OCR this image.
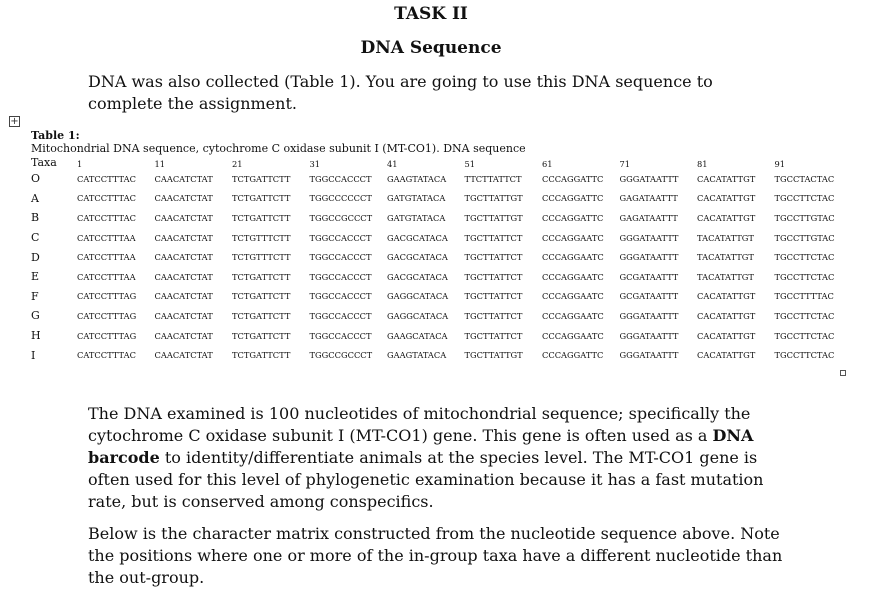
TASK II
DNA Sequence

DNA was also collected (Table 1). You are going to use this DNA sequence to complete the assignment.

+
Table 1:
Mitochondrial DNA sequence, cytochrome C oxidase subunit I (MT-CO1). DNA sequence
Taxa	1	11	21	31	41	51	61	71	81	91
O	CATCCTTTAC	CAACATCTAT	TCTGATTCTT	TGGCCACCCT	GAAGTATACA	TTCTTATTCT	CCCAGGATTC	GGGATAATTT	CACATATTGT	TGCCTACTAC
A	CATCCTTTAC	CAACATCTAT	TCTGATTCTT	TGGCCCCCCT	GATGTATACA	TGCTTATTGT	CCCAGGATTC	GAGATAATTT	CACATATTGT	TGCCTTCTAC
B	CATCCTTTAC	CAACATCTAT	TCTGATTCTT	TGGCCGCCCT	GATGTATACA	TGCTTATTGT	CCCAGGATTC	GAGATAATTT	CACATATTGT	TGCCTTGTAC
C	CATCCTTTAA	CAACATCTAT	TCTGTTTCTT	TGGCCACCCT	GACGCATACA	TGCTTATTCT	CCCAGGAATC	GGGATAATTT	TACATATTGT	TGCCTTGTAC
D	CATCCTTTAA	CAACATCTAT	TCTGTTTCTT	TGGCCACCCT	GACGCATACA	TGCTTATTCT	CCCAGGAATC	GGGATAATTT	TACATATTGT	TGCCTTCTAC
E	CATCCTTTAA	CAACATCTAT	TCTGATTCTT	TGGCCACCCT	GACGCATACA	TGCTTATTCT	CCCAGGAATC	GCGATAATTT	TACATATTGT	TGCCTTCTAC
F	CATCCTTTAG	CAACATCTAT	TCTGATTCTT	TGGCCACCCT	GAGGCATACA	TGCTTATTCT	CCCAGGAATC	GCGATAATTT	CACATATTGT	TGCCTTTTAC
G	CATCCTTTAG	CAACATCTAT	TCTGATTCTT	TGGCCACCCT	GAGGCATACA	TGCTTATTCT	CCCAGGAATC	GGGATAATTT	CACATATTGT	TGCCTTCTAC
H	CATCCTTTAG	CAACATCTAT	TCTGATTCTT	TGGCCACCCT	GAAGCATACA	TGCTTATTCT	CCCAGGAATC	GGGATAATTT	CACATATTGT	TGCCTTCTAC
I	CATCCTTTAC	CAACATCTAT	TCTGATTCTT	TGGCCGCCCT	GAAGTATACA	TGCTTATTGT	CCCAGGATTC	GGGATAATTT	CACATATTGT	TGCCTTCTAC

The DNA examined is 100 nucleotides of mitochondrial sequence; specifically the cytochrome C oxidase subunit I (MT-CO1) gene. This gene is often used as a DNA barcode to identity/differentiate animals at the species level. The MT-CO1 gene is often used for this level of phylogenetic examination because it has a fast mutation rate, but is conserved among conspecifics.

Below is the character matrix constructed from the nucleotide sequence above. Note the positions where one or more of the in-group taxa have a different nucleotide than the out-group.
